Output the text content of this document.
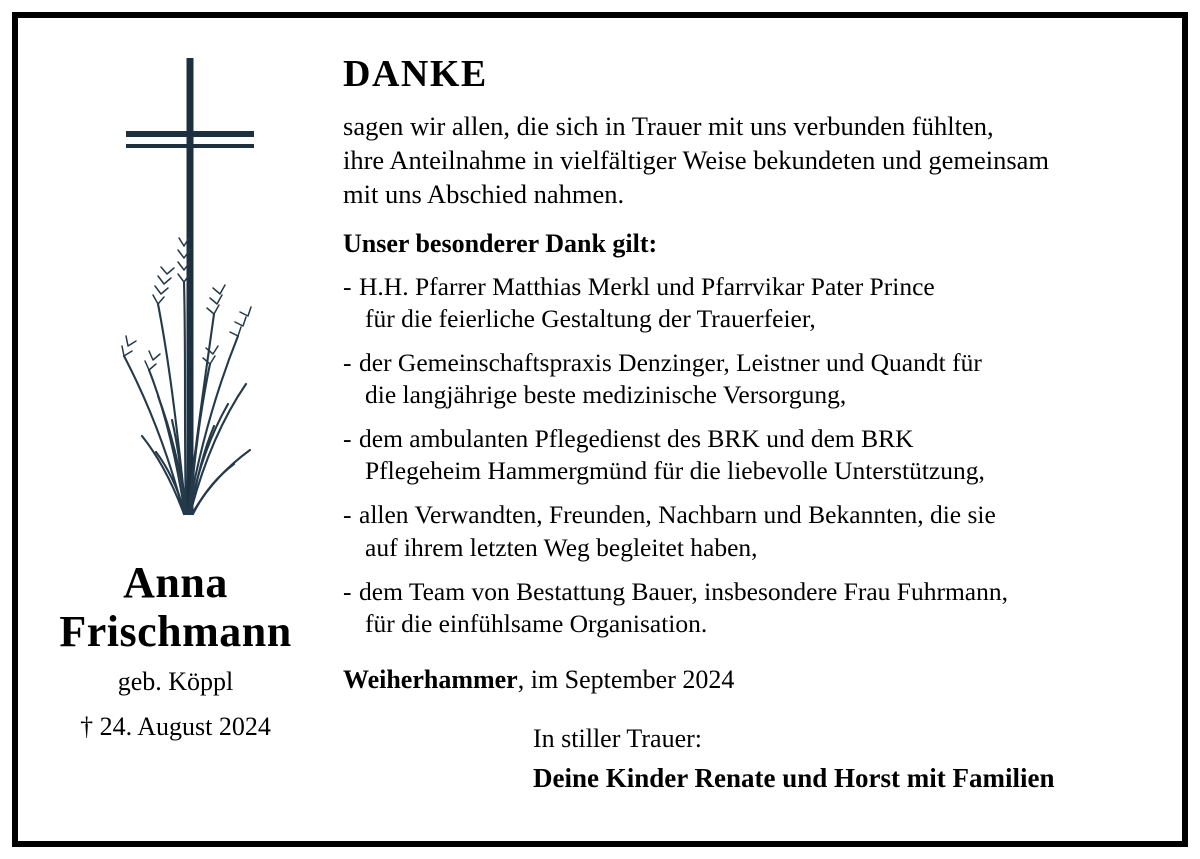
Anna
Frischmann
geb. Köppl
† 24. August 2024
DANKE
sagen wir allen, die sich in Trauer mit uns verbunden fühlten,
ihre Anteilnahme in vielfältiger Weise bekundeten und gemeinsam
mit uns Abschied nahmen.
Unser besonderer Dank gilt:
- H.H. Pfarrer Matthias Merkl und Pfarrvikar Pater Prince
für die feierliche Gestaltung der Trauerfeier,
- der Gemeinschaftspraxis Denzinger, Leistner und Quandt für
die langjährige beste medizinische Versorgung,
- dem ambulanten Pflegedienst des BRK und dem BRK
Pflegeheim Hammergmünd für die liebevolle Unterstützung,
- allen Verwandten, Freunden, Nachbarn und Bekannten, die sie
auf ihrem letzten Weg begleitet haben,
- dem Team von Bestattung Bauer, insbesondere Frau Fuhrmann,
für die einfühlsame Organisation.
Weiherhammer, im September 2024
In stiller Trauer:
Deine Kinder Renate und Horst mit Familien
